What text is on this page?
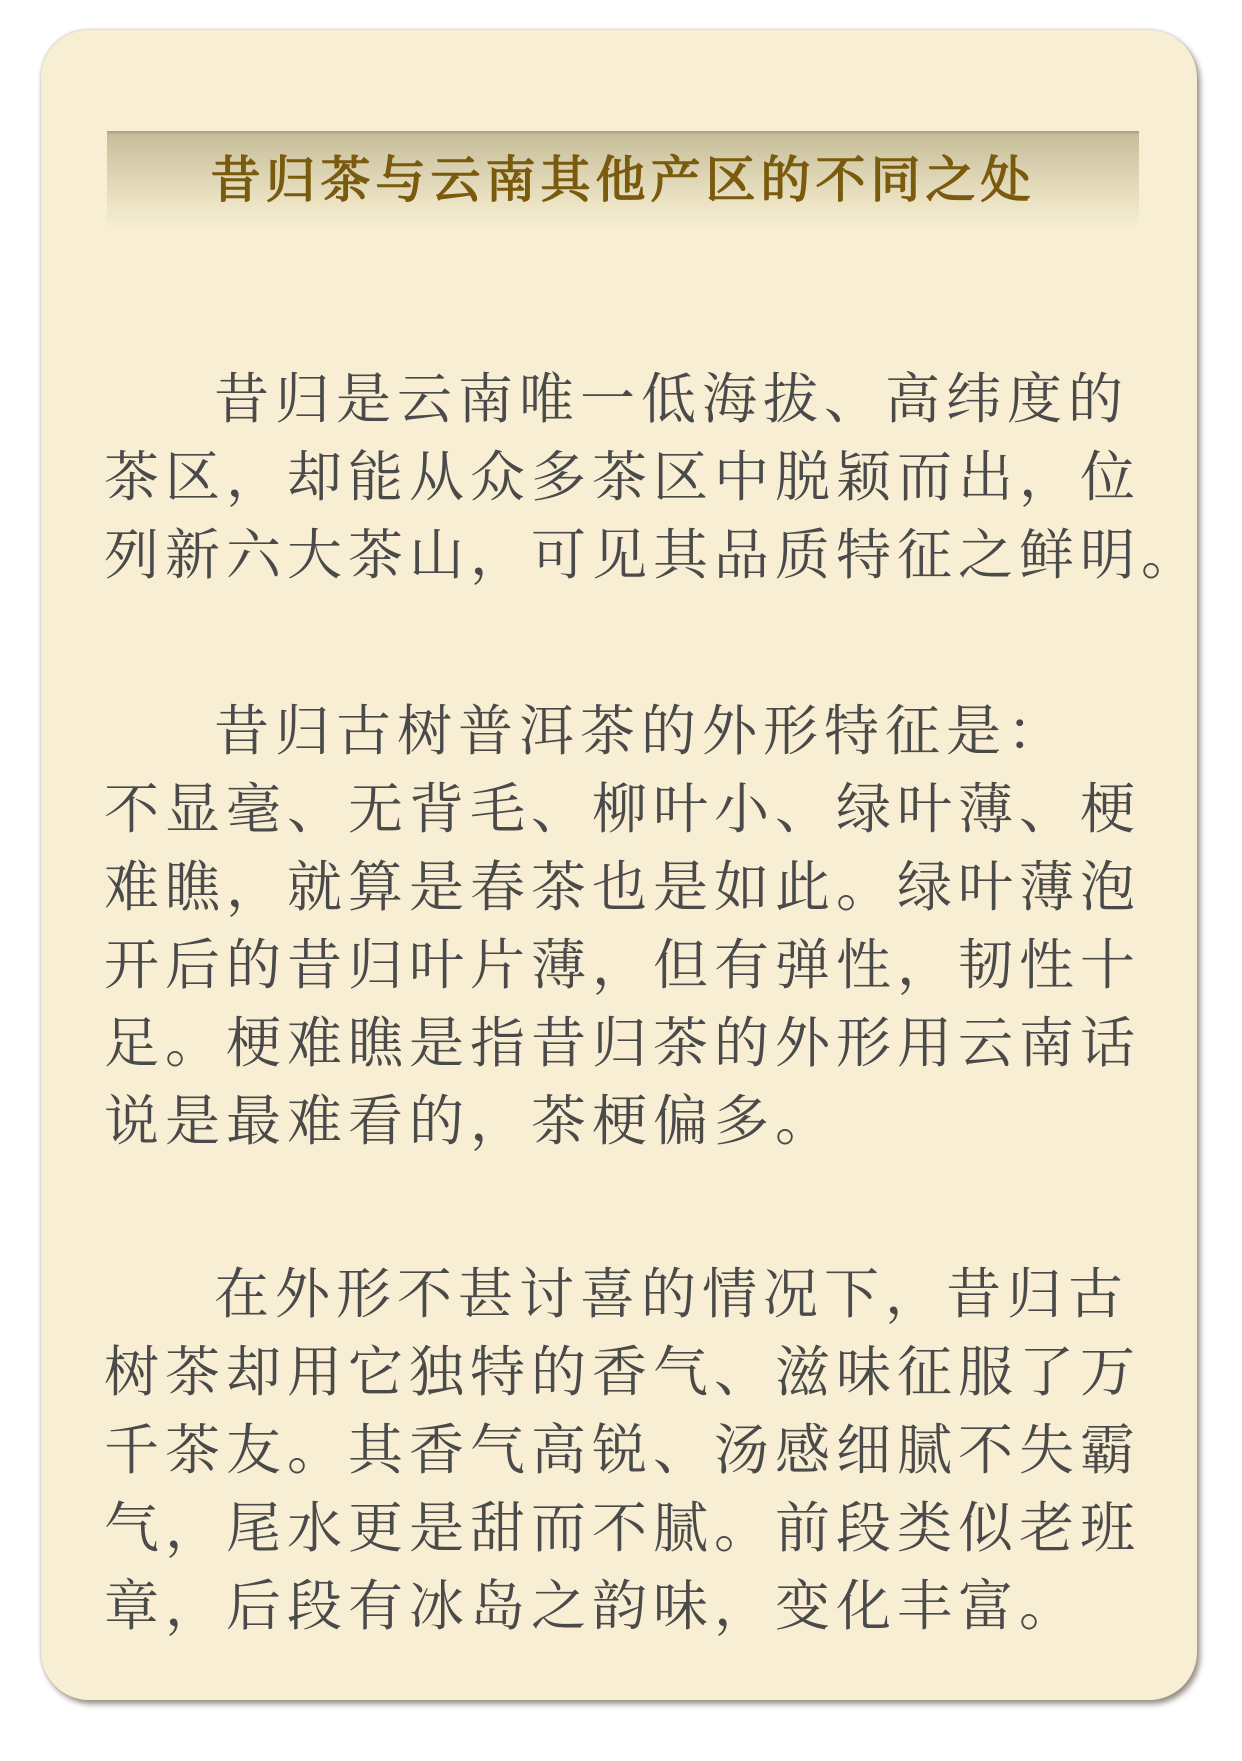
昔归茶与云南其他产区的不同之处
昔归是云南唯一低海拔、高纬度的
茶区，却能从众多茶区中脱颖而出，位
列新六大茶山，可见其品质特征之鲜明。
昔归古树普洱茶的外形特征是：
不显毫、无背毛、柳叶小、绿叶薄、梗
难瞧，就算是春茶也是如此。绿叶薄泡
开后的昔归叶片薄，但有弹性，韧性十
足。梗难瞧是指昔归茶的外形用云南话
说是最难看的，茶梗偏多。
在外形不甚讨喜的情况下，昔归古
树茶却用它独特的香气、滋味征服了万
千茶友。其香气高锐、汤感细腻不失霸
气，尾水更是甜而不腻。前段类似老班
章，后段有冰岛之韵味，变化丰富。
